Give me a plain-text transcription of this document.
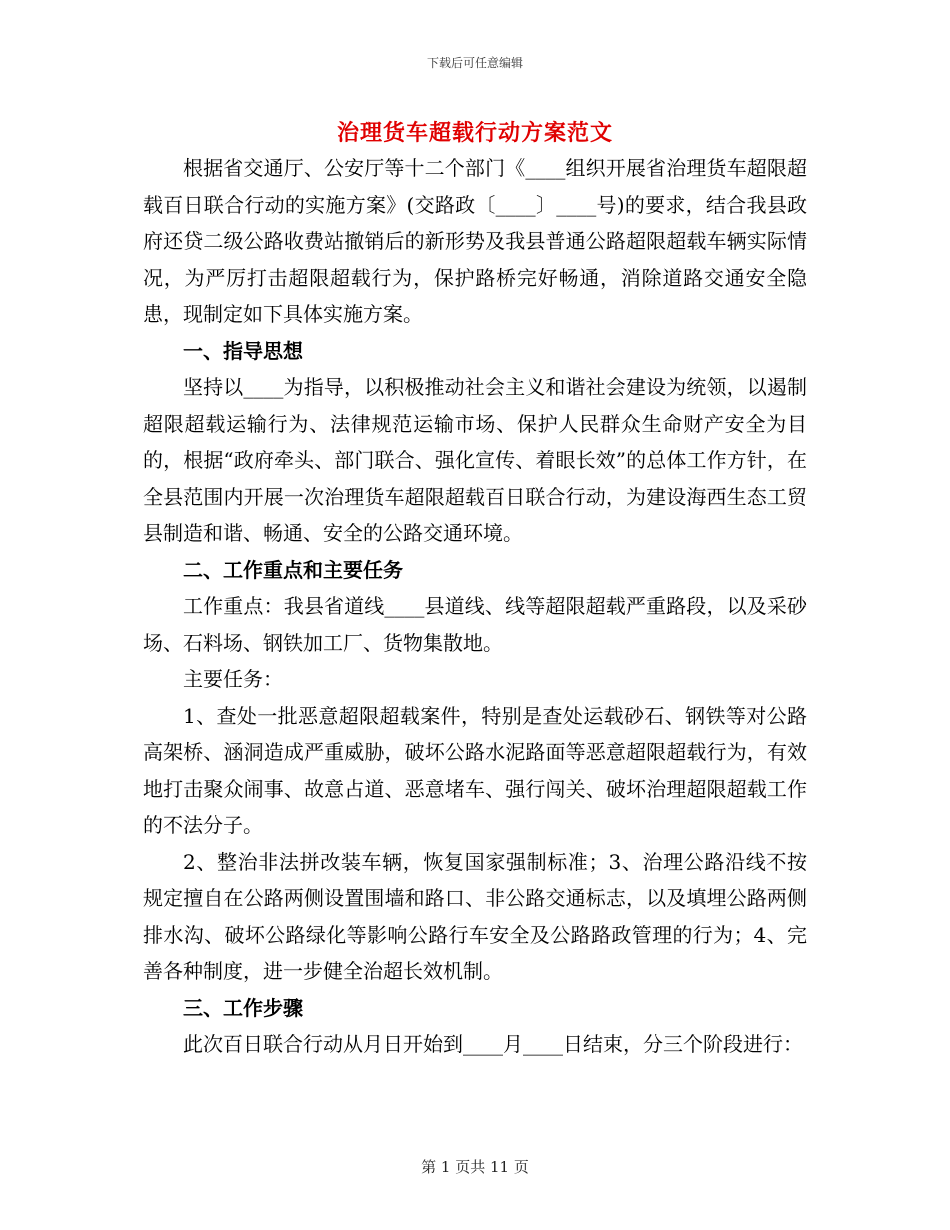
下载后可任意编辑
治理货车超载行动方案范文

根据省交通厅、公安厅等十二个部门《____组织开展省治理货车超限超载百日联合行动的实施方案》(交路政〔____〕____号)的要求，结合我县政府还贷二级公路收费站撤销后的新形势及我县普通公路超限超载车辆实际情况，为严厉打击超限超载行为，保护路桥完好畅通，消除道路交通安全隐患，现制定如下具体实施方案。

一、指导思想

坚持以____为指导，以积极推动社会主义和谐社会建设为统领，以遏制超限超载运输行为、法律规范运输市场、保护人民群众生命财产安全为目的，根据“政府牵头、部门联合、强化宣传、着眼长效”的总体工作方针，在全县范围内开展一次治理货车超限超载百日联合行动，为建设海西生态工贸县制造和谐、畅通、安全的公路交通环境。

二、工作重点和主要任务

工作重点：我县省道线____县道线、线等超限超载严重路段，以及采砂场、石料场、钢铁加工厂、货物集散地。

主要任务：

1、查处一批恶意超限超载案件，特别是查处运载砂石、钢铁等对公路高架桥、涵洞造成严重威胁，破坏公路水泥路面等恶意超限超载行为，有效地打击聚众闹事、故意占道、恶意堵车、强行闯关、破坏治理超限超载工作的不法分子。

2、整治非法拼改装车辆，恢复国家强制标准；3、治理公路沿线不按规定擅自在公路两侧设置围墙和路口、非公路交通标志，以及填埋公路两侧排水沟、破坏公路绿化等影响公路行车安全及公路路政管理的行为；4、完善各种制度，进一步健全治超长效机制。

三、工作步骤

此次百日联合行动从月日开始到____月____日结束，分三个阶段进行：

第 1 页共 11 页
